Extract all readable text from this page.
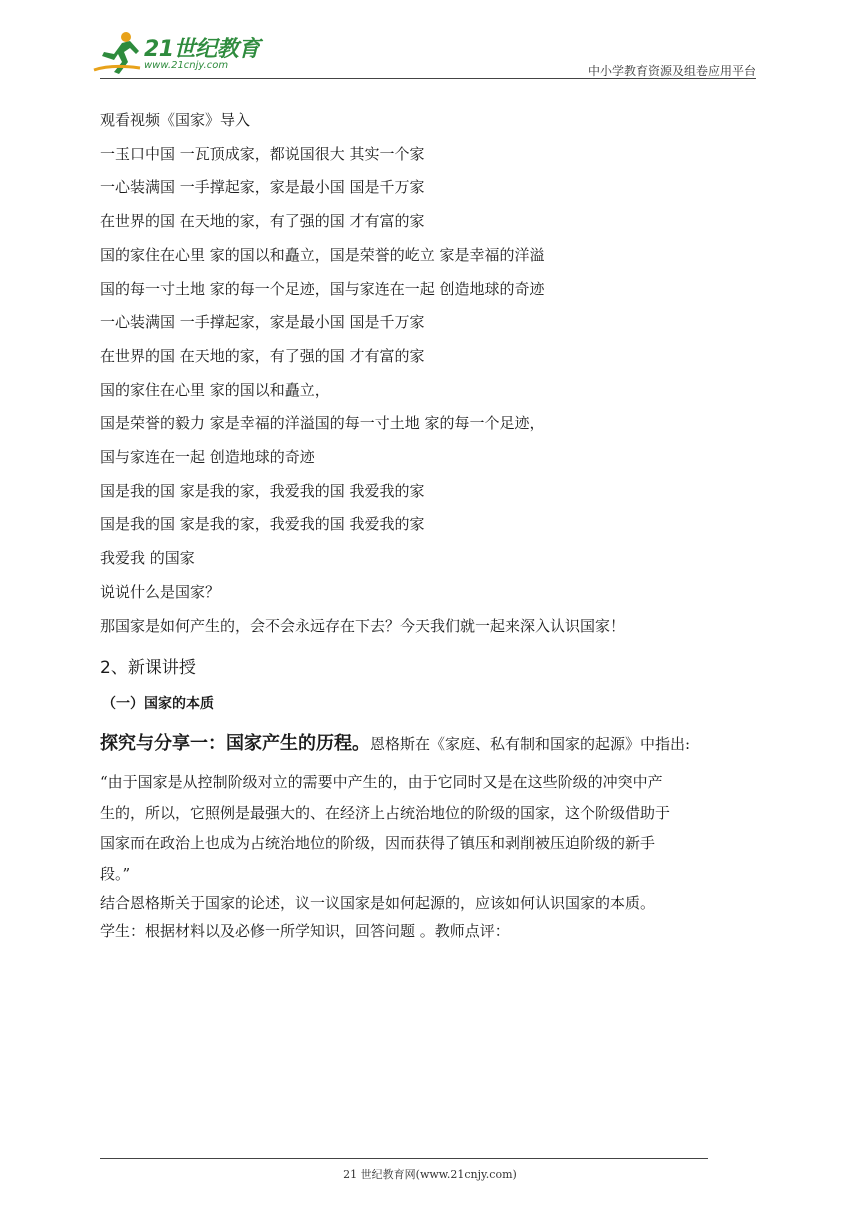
21世纪教育
www.21cnjy.com	中小学教育资源及组卷应用平台
观看视频《国家》导入
一玉口中国 一瓦顶成家，都说国很大 其实一个家
一心装满国 一手撑起家，家是最小国 国是千万家
在世界的国 在天地的家，有了强的国 才有富的家
国的家住在心里 家的国以和矗立，国是荣誉的屹立 家是幸福的洋溢
国的每一寸土地 家的每一个足迹，国与家连在一起 创造地球的奇迹
一心装满国 一手撑起家，家是最小国 国是千万家
在世界的国 在天地的家，有了强的国 才有富的家
国的家住在心里 家的国以和矗立，
国是荣誉的毅力 家是幸福的洋溢国的每一寸土地 家的每一个足迹，
国与家连在一起 创造地球的奇迹
国是我的国 家是我的家，我爱我的国 我爱我的家
国是我的国 家是我的家，我爱我的国 我爱我的家
我爱我 的国家
说说什么是国家？
那国家是如何产生的，会不会永远存在下去？今天我们就一起来深入认识国家！
2、新课讲授
（一）国家的本质
探究与分享一：国家产生的历程。恩格斯在《家庭、私有制和国家的起源》中指出:
“由于国家是从控制阶级对立的需要中产生的，由于它同时又是在这些阶级的冲突中产
生的，所以，它照例是最强大的、在经济上占统治地位的阶级的国家，这个阶级借助于
国家而在政治上也成为占统治地位的阶级，因而获得了镇压和剥削被压迫阶级的新手
段。”
结合恩格斯关于国家的论述，议一议国家是如何起源的，应该如何认识国家的本质。
学生：根据材料以及必修一所学知识，回答问题 。教师点评：
21 世纪教育网(www.21cnjy.com)
